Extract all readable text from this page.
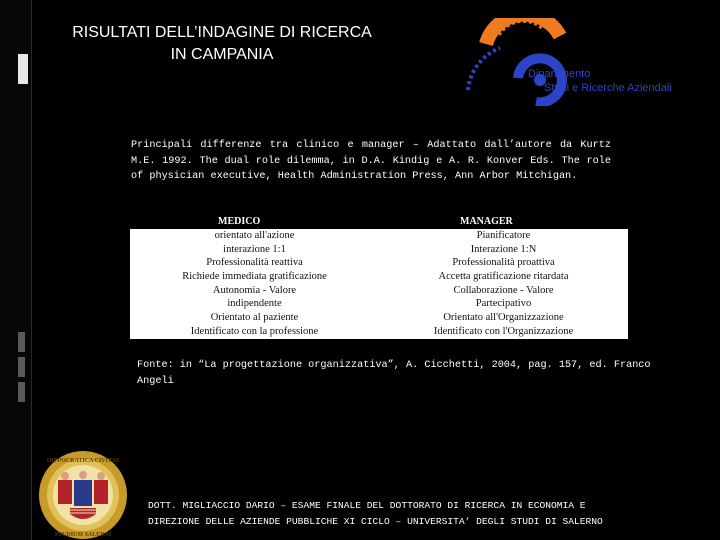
RISULTATI DELL’INDAGINE DI RICERCA
IN CAMPANIA
Dipartimento
Studi e Ricerche Aziendali
Principali differenze tra clinico e manager – Adattato dall’autore da Kurtz M.E. 1992. The dual role dilemma, in D.A. Kindig e A. R. Konver Eds. The role of physician executive, Health Administration Press, Ann Arbor Mitchigan.
MEDICO	MANAGER
orientato all'azione
interazione 1:1
Professionalità reattiva
Richiede immediata gratificazione
Autonomia - Valore
indipendente
Orientato al paziente
Identificato con la professione
Pianificatore
Interazione 1:N
Professionalità proattiva
Accetta gratificazione ritardata
Collaborazione - Valore
Partecipativo
Orientato all'Organizzazione
Identificato con l'Organizzazione
Fonte: in “La progettazione organizzativa”, A. Cicchetti, 2004, pag. 157, ed. Franco Angeli
HIPPOCRATICA CIVITAS
STUDIUM SALERNI
DOTT. MIGLIACCIO DARIO – ESAME FINALE DEL DOTTORATO DI RICERCA IN ECONOMIA E
DIREZIONE DELLE AZIENDE PUBBLICHE XI CICLO – UNIVERSITA’ DEGLI STUDI DI SALERNO
